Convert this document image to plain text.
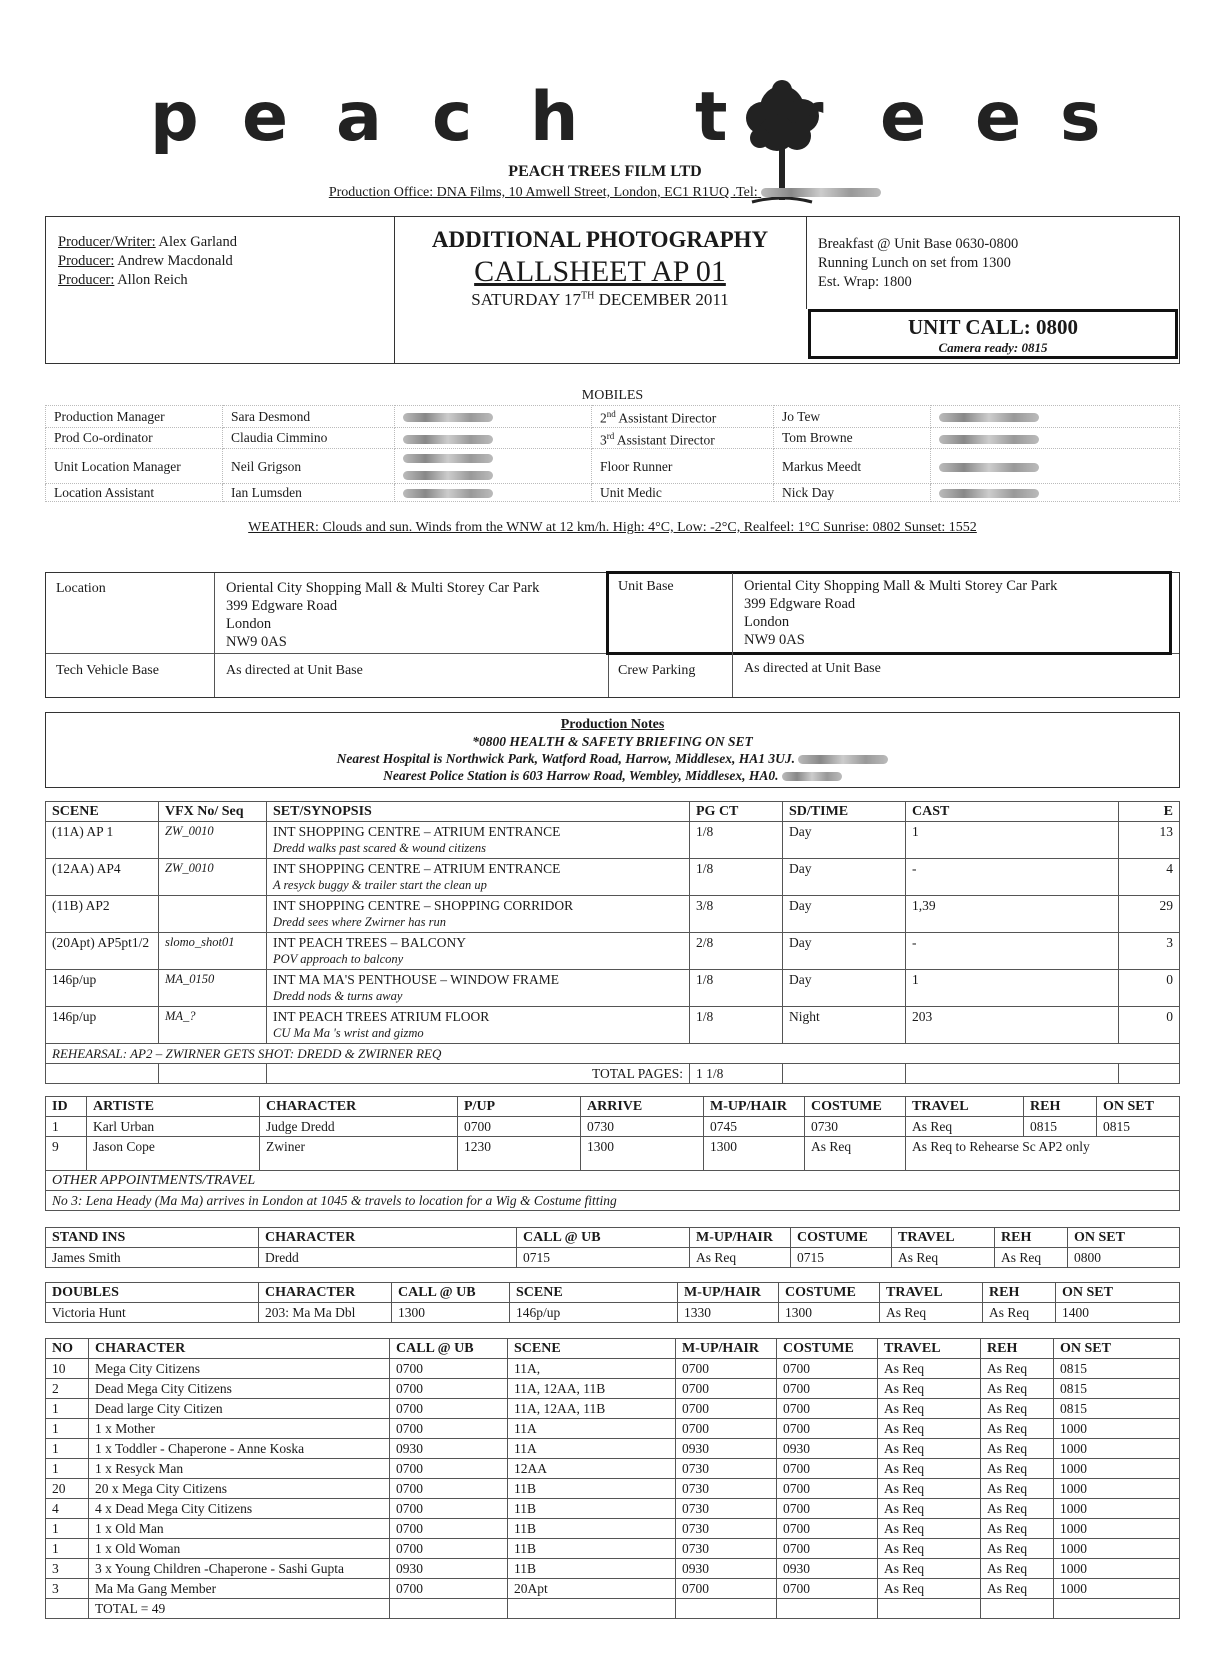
p e a c h t r e e s
PEACH TREES FILM LTD
Production Office: DNA Films, 10 Amwell Street, London, EC1 R1UQ .Tel:
Producer/Writer: Alex Garland
Producer: Andrew Macdonald
Producer: Allon Reich
ADDITIONAL PHOTOGRAPHY
CALLSHEET AP 01
SATURDAY 17TH DECEMBER 2011
Breakfast @ Unit Base 0630-0800
Running Lunch on set from 1300
Est. Wrap: 1800
UNIT CALL: 0800
Camera ready: 0815
MOBILES
Production Manager	Sara Desmond		2nd Assistant Director	Jo Tew	
Prod Co-ordinator	Claudia Cimmino		3rd Assistant Director	Tom Browne	
Unit Location Manager	Neil Grigson		Floor Runner	Markus Meedt	
Location Assistant	Ian Lumsden		Unit Medic	Nick Day	
WEATHER: Clouds and sun. Winds from the WNW at 12 km/h. High: 4°C, Low: -2°C, Realfeel: 1°C Sunrise: 0802 Sunset: 1552
Location	Oriental City Shopping Mall & Multi Storey Car Park
399 Edgware Road
London
NW9 0AS
Unit Base	Oriental City Shopping Mall & Multi Storey Car Park
399 Edgware Road
London
NW9 0AS
Tech Vehicle Base	As directed at Unit Base	Crew Parking	As directed at Unit Base
Production Notes
*0800 HEALTH & SAFETY BRIEFING ON SET
Nearest Hospital is Northwick Park, Watford Road, Harrow, Middlesex, HA1 3UJ.
Nearest Police Station is 603 Harrow Road, Wembley, Middlesex, HA0.
SCENE	VFX No/ Seq	SET/SYNOPSIS	PG CT	SD/TIME	CAST	E
(11A) AP 1	ZW_0010	INT SHOPPING CENTRE – ATRIUM ENTRANCE
Dredd walks past scared & wound citizens	1/8	Day	1	13
(12AA) AP4	ZW_0010	INT SHOPPING CENTRE – ATRIUM ENTRANCE
A resyck buggy & trailer start the clean up	1/8	Day	-	4
(11B) AP2		INT SHOPPING CENTRE – SHOPPING CORRIDOR
Dredd sees where Zwirner has run	3/8	Day	1,39	29
(20Apt) AP5pt1/2	slomo_shot01	INT PEACH TREES – BALCONY
POV approach to balcony	2/8	Day	-	3
146p/up	MA_0150	INT MA MA'S PENTHOUSE – WINDOW FRAME
Dredd nods & turns away	1/8	Day	1	0
146p/up	MA_?	INT PEACH TREES ATRIUM FLOOR
CU Ma Ma 's wrist and gizmo	1/8	Night	203	0
REHEARSAL: AP2 – ZWIRNER GETS SHOT: DREDD & ZWIRNER REQ						
		TOTAL PAGES:	1 1/8			
ID	ARTISTE	CHARACTER	P/UP	ARRIVE	M-UP/HAIR	COSTUME	TRAVEL	REH	ON SET
1	Karl Urban	Judge Dredd	0700	0730	0745	0730	As Req	0815	0815
9	Jason Cope	Zwiner	1230	1300	1300	As Req	As Req to Rehearse Sc AP2 only		
OTHER APPOINTMENTS/TRAVEL									
No 3: Lena Heady (Ma Ma) arrives in London at 1045 & travels to location for a Wig & Costume fitting									
STAND INS	CHARACTER	CALL @ UB	M-UP/HAIR	COSTUME	TRAVEL	REH	ON SET
James Smith	Dredd	0715	As Req	0715	As Req	As Req	0800
DOUBLES	CHARACTER	CALL @ UB	SCENE	M-UP/HAIR	COSTUME	TRAVEL	REH	ON SET
Victoria Hunt	203: Ma Ma Dbl	1300	146p/up	1330	1300	As Req	As Req	1400
NO	CHARACTER	CALL @ UB	SCENE	M-UP/HAIR	COSTUME	TRAVEL	REH	ON SET
10	Mega City Citizens	0700	11A,	0700	0700	As Req	As Req	0815
2	Dead Mega City Citizens	0700	11A, 12AA, 11B	0700	0700	As Req	As Req	0815
1	Dead large City Citizen	0700	11A, 12AA, 11B	0700	0700	As Req	As Req	0815
1	1 x Mother	0700	11A	0700	0700	As Req	As Req	1000
1	1 x Toddler - Chaperone - Anne Koska	0930	11A	0930	0930	As Req	As Req	1000
1	1 x Resyck Man	0700	12AA	0730	0700	As Req	As Req	1000
20	20 x Mega City Citizens	0700	11B	0730	0700	As Req	As Req	1000
4	4 x Dead Mega City Citizens	0700	11B	0730	0700	As Req	As Req	1000
1	1 x Old Man	0700	11B	0730	0700	As Req	As Req	1000
1	1 x Old Woman	0700	11B	0730	0700	As Req	As Req	1000
3	3 x Young Children -Chaperone - Sashi Gupta	0930	11B	0930	0930	As Req	As Req	1000
3	Ma Ma Gang Member	0700	20Apt	0700	0700	As Req	As Req	1000
	TOTAL = 49							
